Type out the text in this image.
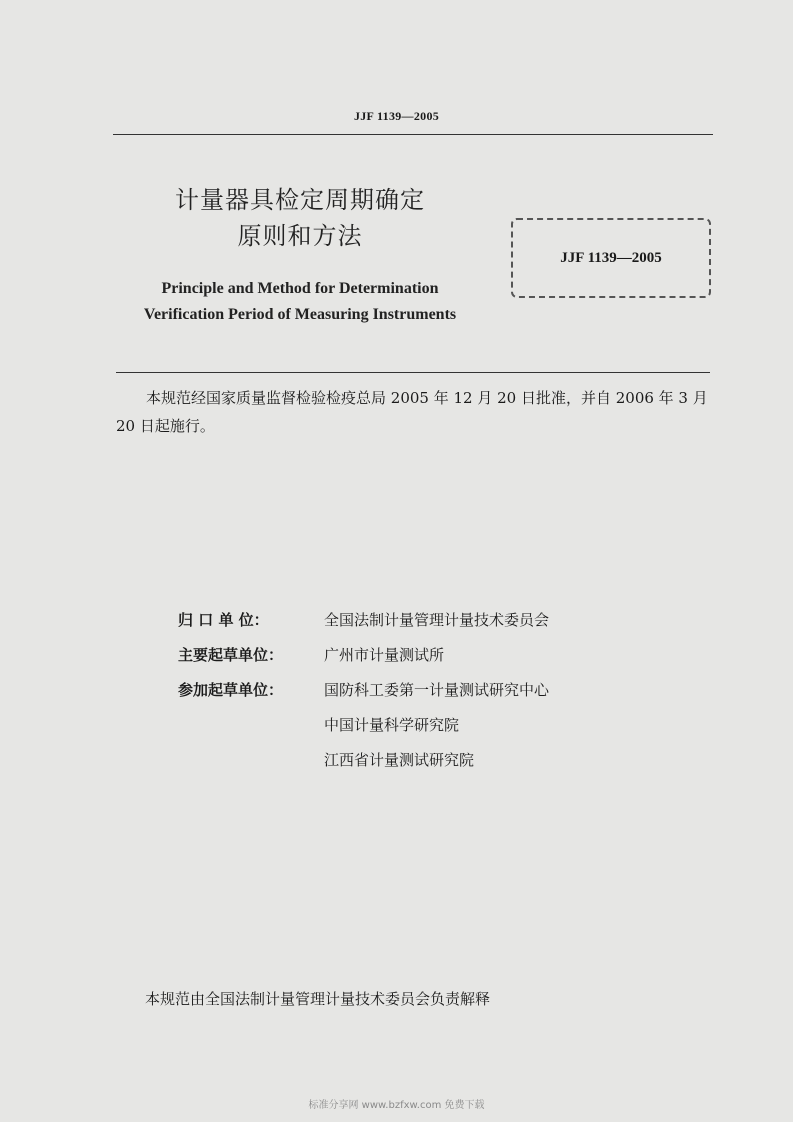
JJF 1139—2005
计量器具检定周期确定
原则和方法
Principle and Method for Determination
Verification Period of Measuring Instruments
JJF 1139—2005
本规范经国家质量监督检验检疫总局 2005 年 12 月 20 日批准，并自 2006 年 3 月 20 日起施行。
归 口 单 位：	全国法制计量管理计量技术委员会
主要起草单位：	广州市计量测试所
参加起草单位：	国防科工委第一计量测试研究中心
中国计量科学研究院
江西省计量测试研究院
本规范由全国法制计量管理计量技术委员会负责解释
标准分享网 www.bzfxw.com 免费下载
